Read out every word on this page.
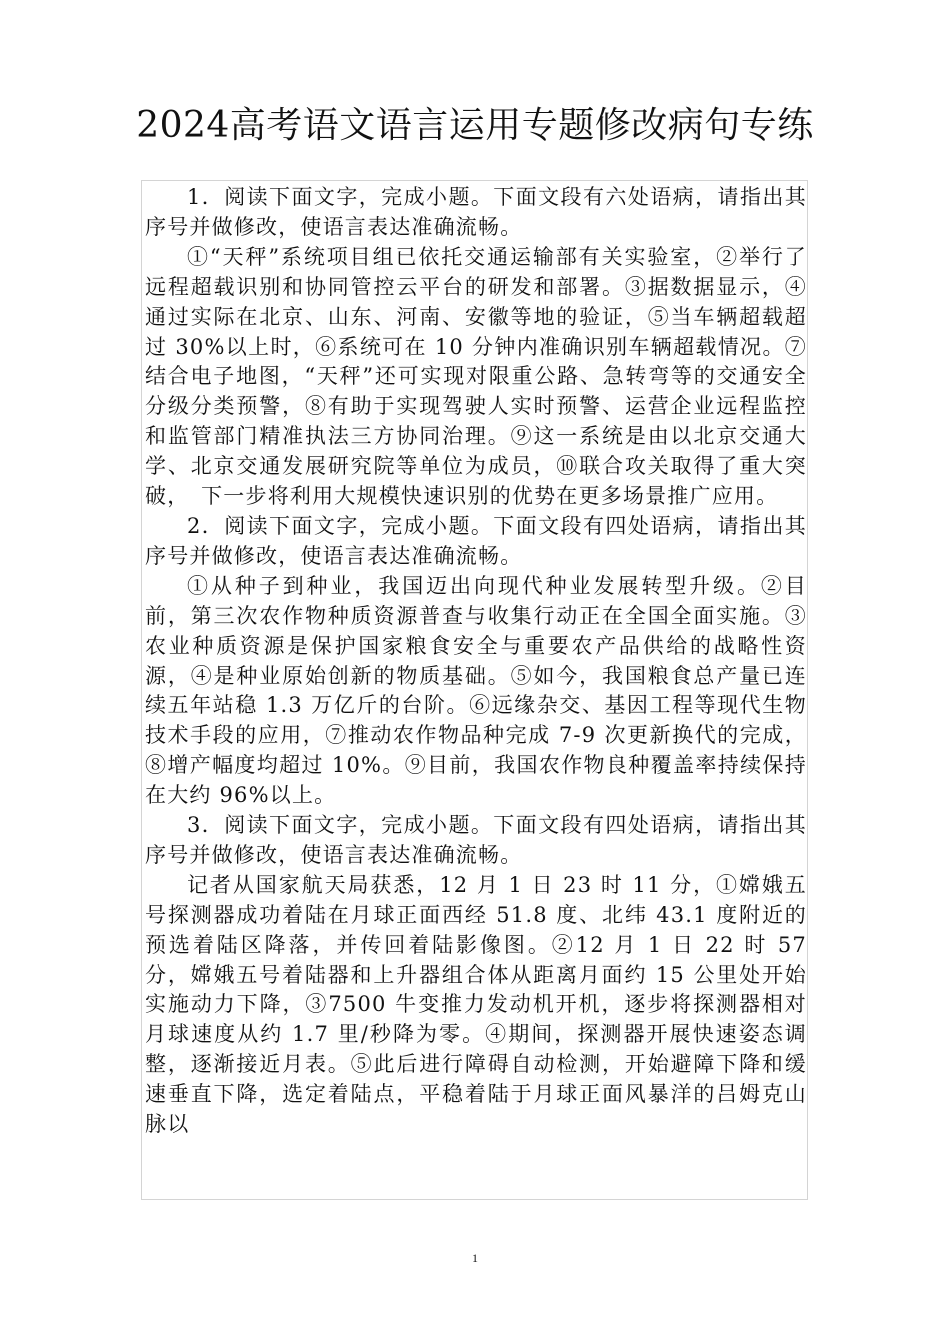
2024高考语文语言运用专题修改病句专练

1．阅读下面文字，完成小题。下面文段有六处语病，请指出其序号并做修改，使语言表达准确流畅。

①“天秤”系统项目组已依托交通运输部有关实验室，②举行了远程超载识别和协同管控云平台的研发和部署。③据数据显示，④通过实际在北京、山东、河南、安徽等地的验证，⑤当车辆超载超过 30%以上时，⑥系统可在 10 分钟内准确识别车辆超载情况。⑦结合电子地图，“天秤”还可实现对限重公路、急转弯等的交通安全分级分类预警，⑧有助于实现驾驶人实时预警、运营企业远程监控和监管部门精准执法三方协同治理。⑨这一系统是由以北京交通大学、北京交通发展研究院等单位为成员，⑩联合攻关取得了重大突破，　下一步将利用大规模快速识别的优势在更多场景推广应用。

2．阅读下面文字，完成小题。下面文段有四处语病，请指出其序号并做修改，使语言表达准确流畅。

①从种子到种业，我国迈出向现代种业发展转型升级。②目前，第三次农作物种质资源普查与收集行动正在全国全面实施。③农业种质资源是保护国家粮食安全与重要农产品供给的战略性资源，④是种业原始创新的物质基础。⑤如今，我国粮食总产量已连续五年站稳 1.3 万亿斤的台阶。⑥远缘杂交、基因工程等现代生物技术手段的应用，⑦推动农作物品种完成 7-9 次更新换代的完成，⑧增产幅度均超过 10%。⑨目前，我国农作物良种覆盖率持续保持在大约 96%以上。

3．阅读下面文字，完成小题。下面文段有四处语病，请指出其序号并做修改，使语言表达准确流畅。

记者从国家航天局获悉，12 月 1 日 23 时 11 分，①嫦娥五号探测器成功着陆在月球正面西经 51.8 度、北纬 43.1 度附近的预选着陆区降落，并传回着陆影像图。②12 月 1 日 22 时 57 分，嫦娥五号着陆器和上升器组合体从距离月面约 15 公里处开始实施动力下降，③7500 牛变推力发动机开机，逐步将探测器相对月球速度从约 1.7 里/秒降为零。④期间，探测器开展快速姿态调整，逐渐接近月表。⑤此后进行障碍自动检测，开始避障下降和缓速垂直下降，选定着陆点，平稳着陆于月球正面风暴洋的吕姆克山脉以

1
